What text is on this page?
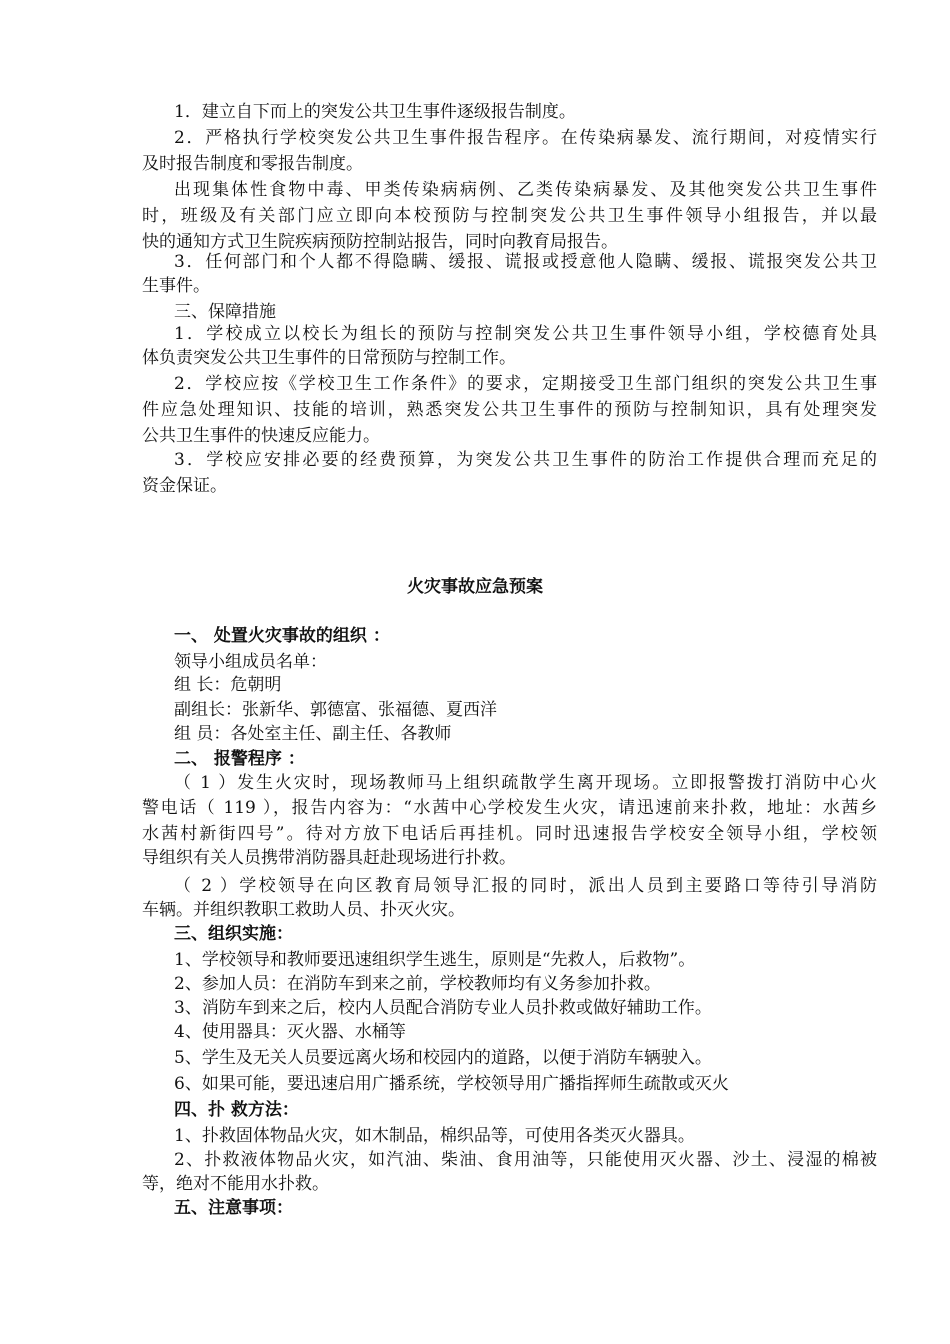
1．建立自下而上的突发公共卫生事件逐级报告制度。
2．严格执行学校突发公共卫生事件报告程序。在传染病暴发、流行期间，对疫情实行
及时报告制度和零报告制度。
出现集体性食物中毒、甲类传染病病例、乙类传染病暴发、及其他突发公共卫生事件
时，班级及有关部门应立即向本校预防与控制突发公共卫生事件领导小组报告，并以最
快的通知方式卫生院疾病预防控制站报告，同时向教育局报告。
3．任何部门和个人都不得隐瞒、缓报、谎报或授意他人隐瞒、缓报、谎报突发公共卫
生事件。
三、保障措施
1．学校成立以校长为组长的预防与控制突发公共卫生事件领导小组，学校德育处具
体负责突发公共卫生事件的日常预防与控制工作。
2．学校应按《学校卫生工作条件》的要求，定期接受卫生部门组织的突发公共卫生事
件应急处理知识、技能的培训，熟悉突发公共卫生事件的预防与控制知识，具有处理突发
公共卫生事件的快速反应能力。
3．学校应安排必要的经费预算，为突发公共卫生事件的防治工作提供合理而充足的
资金保证。
火灾事故应急预案
一、 处置火灾事故的组织 ：
领导小组成员名单：
组 长：危朝明
副组长：张新华、郭德富、张福德、夏西洋
组 员：各处室主任、副主任、各教师
二、 报警程序 ：
（ 1 ）发生火灾时，现场教师马上组织疏散学生离开现场。立即报警拨打消防中心火
警电话（ 119 ），报告内容为：“水茜中心学校发生火灾，请迅速前来扑救，地址：水茜乡
水茜村新街四号”。待对方放下电话后再挂机。同时迅速报告学校安全领导小组，学校领
导组织有关人员携带消防器具赶赴现场进行扑救。
（ 2 ）学校领导在向区教育局领导汇报的同时，派出人员到主要路口等待引导消防
车辆。并组织教职工救助人员、扑灭火灾。
三、组织实施：
1、学校领导和教师要迅速组织学生逃生，原则是“先救人，后救物”。
2、参加人员：在消防车到来之前，学校教师均有义务参加扑救。
3、消防车到来之后，校内人员配合消防专业人员扑救或做好辅助工作。
4、使用器具：灭火器、水桶等
5、学生及无关人员要远离火场和校园内的道路，以便于消防车辆驶入。
6、如果可能，要迅速启用广播系统，学校领导用广播指挥师生疏散或灭火
四、扑 救方法：
1、扑救固体物品火灾，如木制品，棉织品等，可使用各类灭火器具。
2、扑救液体物品火灾，如汽油、柴油、食用油等，只能使用灭火器、沙土、浸湿的棉被
等，绝对不能用水扑救。
五、注意事项：
